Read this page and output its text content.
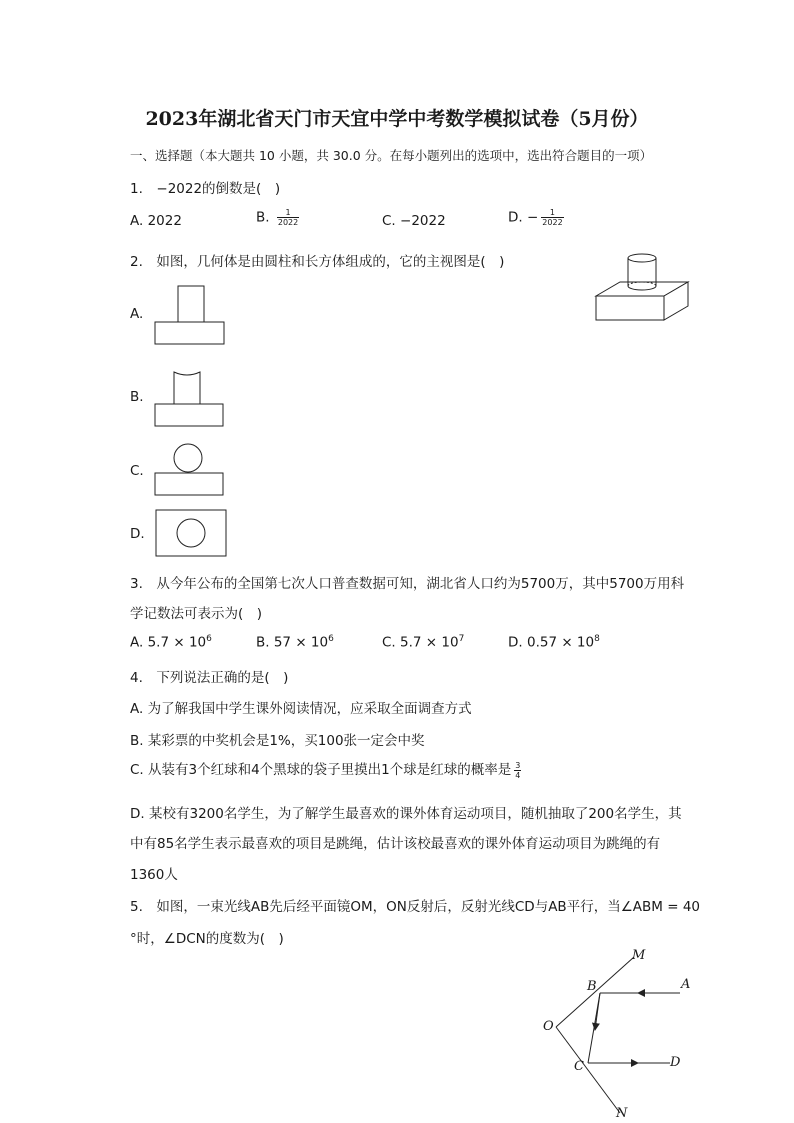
2023年湖北省天门市天宜中学中考数学模拟试卷（5月份）
一、选择题（本大题共 10 小题，共 30.0 分。在每小题列出的选项中，选出符合题目的一项）
1.　−2022的倒数是(　)
A. 2022	B. $\frac{1}{2022}$	C. −2022	D. − $\frac{1}{2022}$
2.　如图，几何体是由圆柱和长方体组成的，它的主视图是(　)
A.
B.
C.
D.
3.　从今年公布的全国第七次人口普查数据可知，湖北省人口约为5700万，其中5700万用科
学记数法可表示为(　)
A. $5.7 \times 10^6$	B. $57 \times 10^6$	C. $5.7 \times 10^7$	D. $0.57 \times 10^8$
4.　下列说法正确的是(　)
A. 为了解我国中学生课外阅读情况，应采取全面调查方式
B. 某彩票的中奖机会是1%，买100张一定会中奖
C. 从装有3个红球和4个黑球的袋子里摸出1个球是红球的概率是 $\frac{3}{4}$
D. 某校有3200名学生，为了解学生最喜欢的课外体育运动项目，随机抽取了200名学生，其
中有85名学生表示最喜欢的项目是跳绳，估计该校最喜欢的课外体育运动项目为跳绳的有
1360人
5.　如图，一束光线AB先后经平面镜OM，ON反射后，反射光线CD与AB平行，当∠ABM = 40
°时，∠DCN的度数为(　)
M
A
B
O
C	D
N
